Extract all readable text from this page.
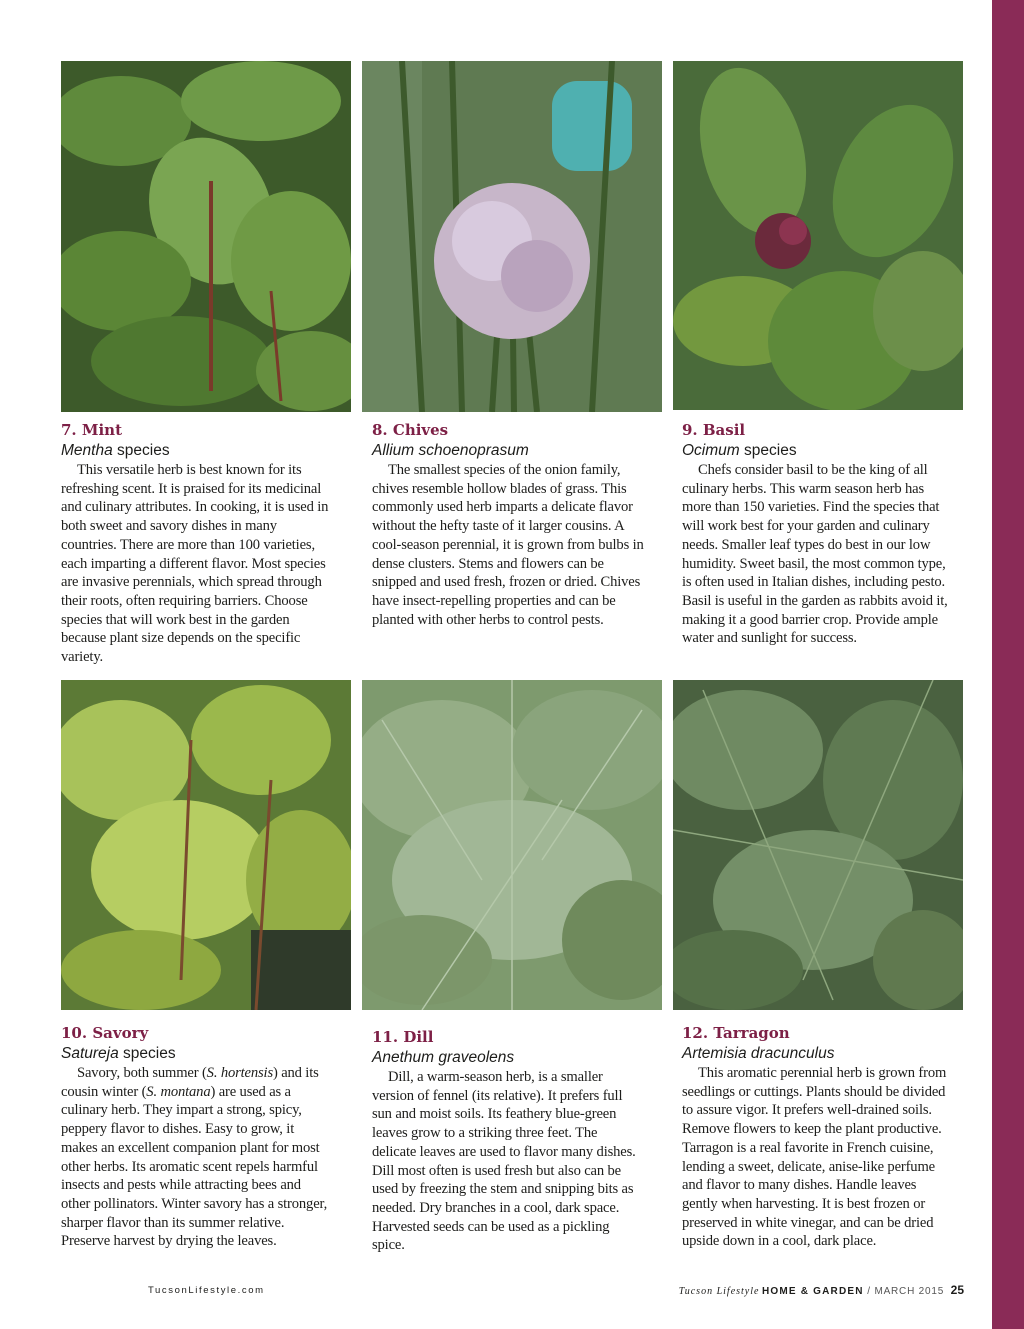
7. Mint
Mentha species

This versatile herb is best known for its refreshing scent. It is praised for its medicinal and culinary attributes. In cooking, it is used in both sweet and savory dishes in many countries. There are more than 100 varieties, each imparting a different flavor. Most species are invasive perennials, which spread through their roots, often requiring barriers. Choose species that will work best in the garden because plant size depends on the specific variety.

8. Chives
Allium schoenoprasum

The smallest species of the onion family, chives resemble hollow blades of grass. This commonly used herb imparts a delicate flavor without the hefty taste of it larger cousins. A cool-season perennial, it is grown from bulbs in dense clusters. Stems and flowers can be snipped and used fresh, frozen or dried. Chives have insect-repelling properties and can be planted with other herbs to control pests.

9. Basil
Ocimum species

Chefs consider basil to be the king of all culinary herbs. This warm season herb has more than 150 varieties. Find the species that will work best for your garden and culinary needs. Smaller leaf types do best in our low humidity. Sweet basil, the most common type, is often used in Italian dishes, including pesto. Basil is useful in the garden as rabbits avoid it, making it a good barrier crop. Provide ample water and sunlight for success.

10. Savory
Satureja species

Savory, both summer (S. hortensis) and its cousin winter (S. montana) are used as a culinary herb. They impart a strong, spicy, peppery flavor to dishes. Easy to grow, it makes an excellent companion plant for most other herbs. Its aromatic scent repels harmful insects and pests while attracting bees and other pollinators. Winter savory has a stronger, sharper flavor than its summer relative. Preserve harvest by drying the leaves.

11. Dill
Anethum graveolens

Dill, a warm-season herb, is a smaller version of fennel (its relative). It prefers full sun and moist soils. Its feathery blue-green leaves grow to a striking three feet. The delicate leaves are used to flavor many dishes. Dill most often is used fresh but also can be used by freezing the stem and snipping bits as needed. Dry branches in a cool, dark space. Harvested seeds can be used as a pickling spice.

12. Tarragon
Artemisia dracunculus

This aromatic perennial herb is grown from seedlings or cuttings. Plants should be divided to assure vigor. It prefers well-drained soils. Remove flowers to keep the plant productive. Tarragon is a real favorite in French cuisine, lending a sweet, delicate, anise-like perfume and flavor to many dishes. Handle leaves gently when harvesting. It is best frozen or preserved in white vinegar, and can be dried upside down in a cool, dark place.

TucsonLifestyle.com	Tucson Lifestyle HOME & GARDEN / MARCH 2015 25
